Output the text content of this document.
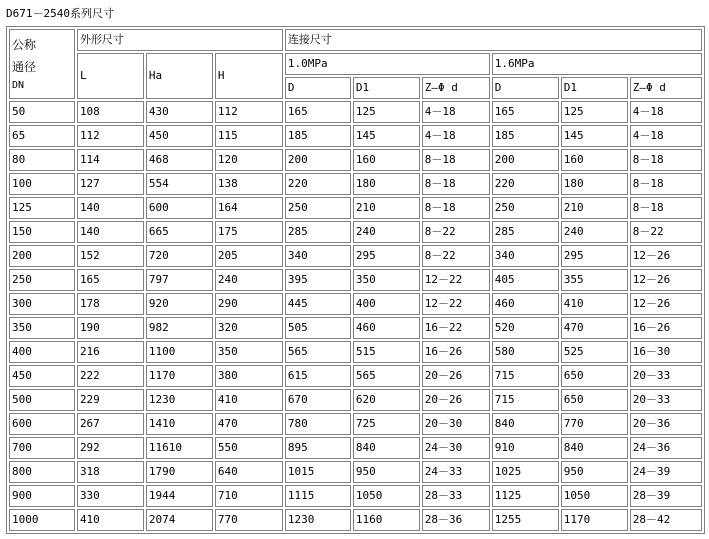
D671－2540系列尺寸
公称
通径
DN	外形尺寸			连接尺寸					
	L	Ha	H	1.0MPa			1.6MPa		
				D	D1	Z—Φ d	D	D1	Z—Φ d
50	108	430	112	165	125	4－18	165	125	4－18
65	112	450	115	185	145	4－18	185	145	4－18
80	114	468	120	200	160	8－18	200	160	8－18
100	127	554	138	220	180	8－18	220	180	8－18
125	140	600	164	250	210	8－18	250	210	8－18
150	140	665	175	285	240	8－22	285	240	8－22
200	152	720	205	340	295	8－22	340	295	12－26
250	165	797	240	395	350	12－22	405	355	12－26
300	178	920	290	445	400	12－22	460	410	12－26
350	190	982	320	505	460	16－22	520	470	16－26
400	216	1100	350	565	515	16－26	580	525	16－30
450	222	1170	380	615	565	20－26	715	650	20－33
500	229	1230	410	670	620	20－26	715	650	20－33
600	267	1410	470	780	725	20－30	840	770	20－36
700	292	11610	550	895	840	24－30	910	840	24－36
800	318	1790	640	1015	950	24－33	1025	950	24－39
900	330	1944	710	1115	1050	28－33	1125	1050	28－39
1000	410	2074	770	1230	1160	28－36	1255	1170	28－42
